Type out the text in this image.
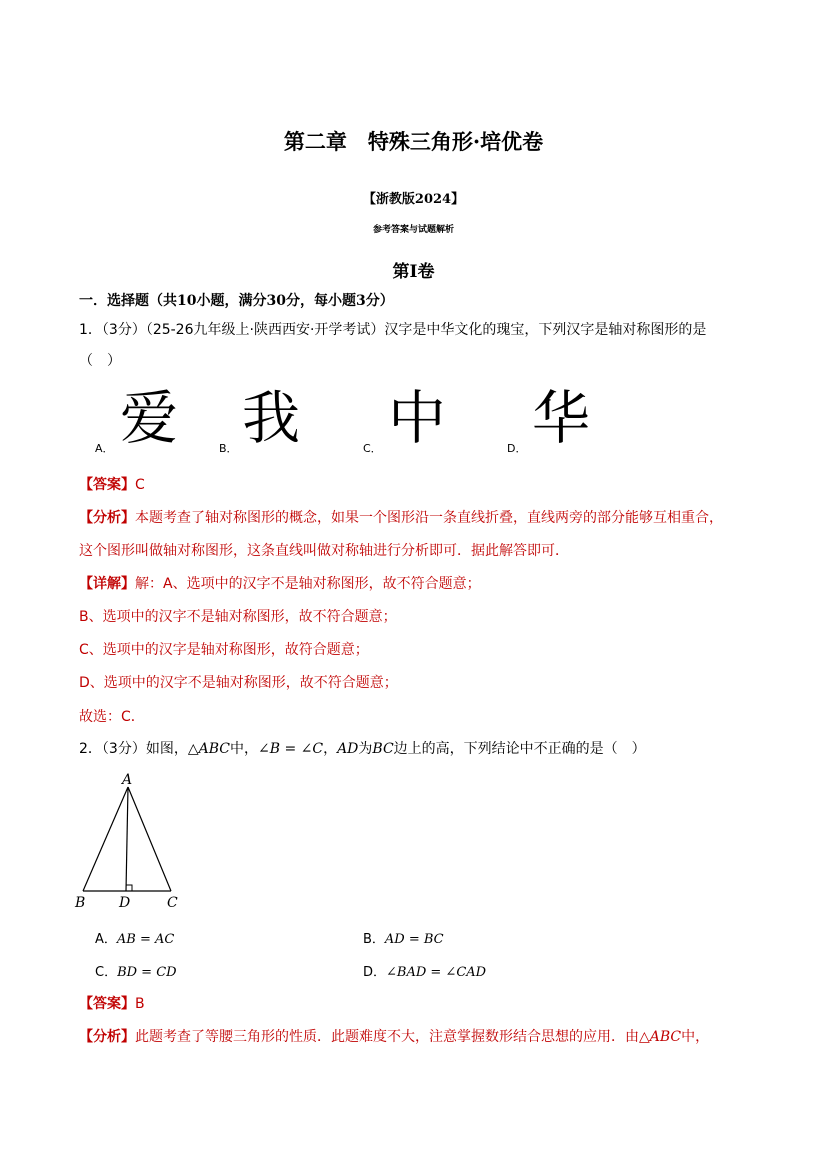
第二章　特殊三角形·培优卷
【浙教版2024】
参考答案与试题解析
第I卷
一．选择题（共10小题，满分30分，每小题3分）
1．（3分）（25-26九年级上·陕西西安·开学考试）汉字是中华文化的瑰宝，下列汉字是轴对称图形的是
（　）
A． 爱	B． 我	C． 中	D． 华
【答案】C
【分析】本题考查了轴对称图形的概念，如果一个图形沿一条直线折叠，直线两旁的部分能够互相重合，
这个图形叫做轴对称图形，这条直线叫做对称轴进行分析即可．据此解答即可．
【详解】解：A、选项中的汉字不是轴对称图形，故不符合题意；
B、选项中的汉字不是轴对称图形，故不符合题意；
C、选项中的汉字是轴对称图形，故符合题意；
D、选项中的汉字不是轴对称图形，故不符合题意；
故选：C．
2．（3分）如图，△ABC中，∠B = ∠C，AD为BC边上的高，下列结论中不正确的是（　）
A
B D	C
A．AB = AC	B．AD = BC
C．BD = CD	D．∠BAD = ∠CAD
【答案】B
【分析】此题考查了等腰三角形的性质．此题难度不大，注意掌握数形结合思想的应用．由△ABC中，
